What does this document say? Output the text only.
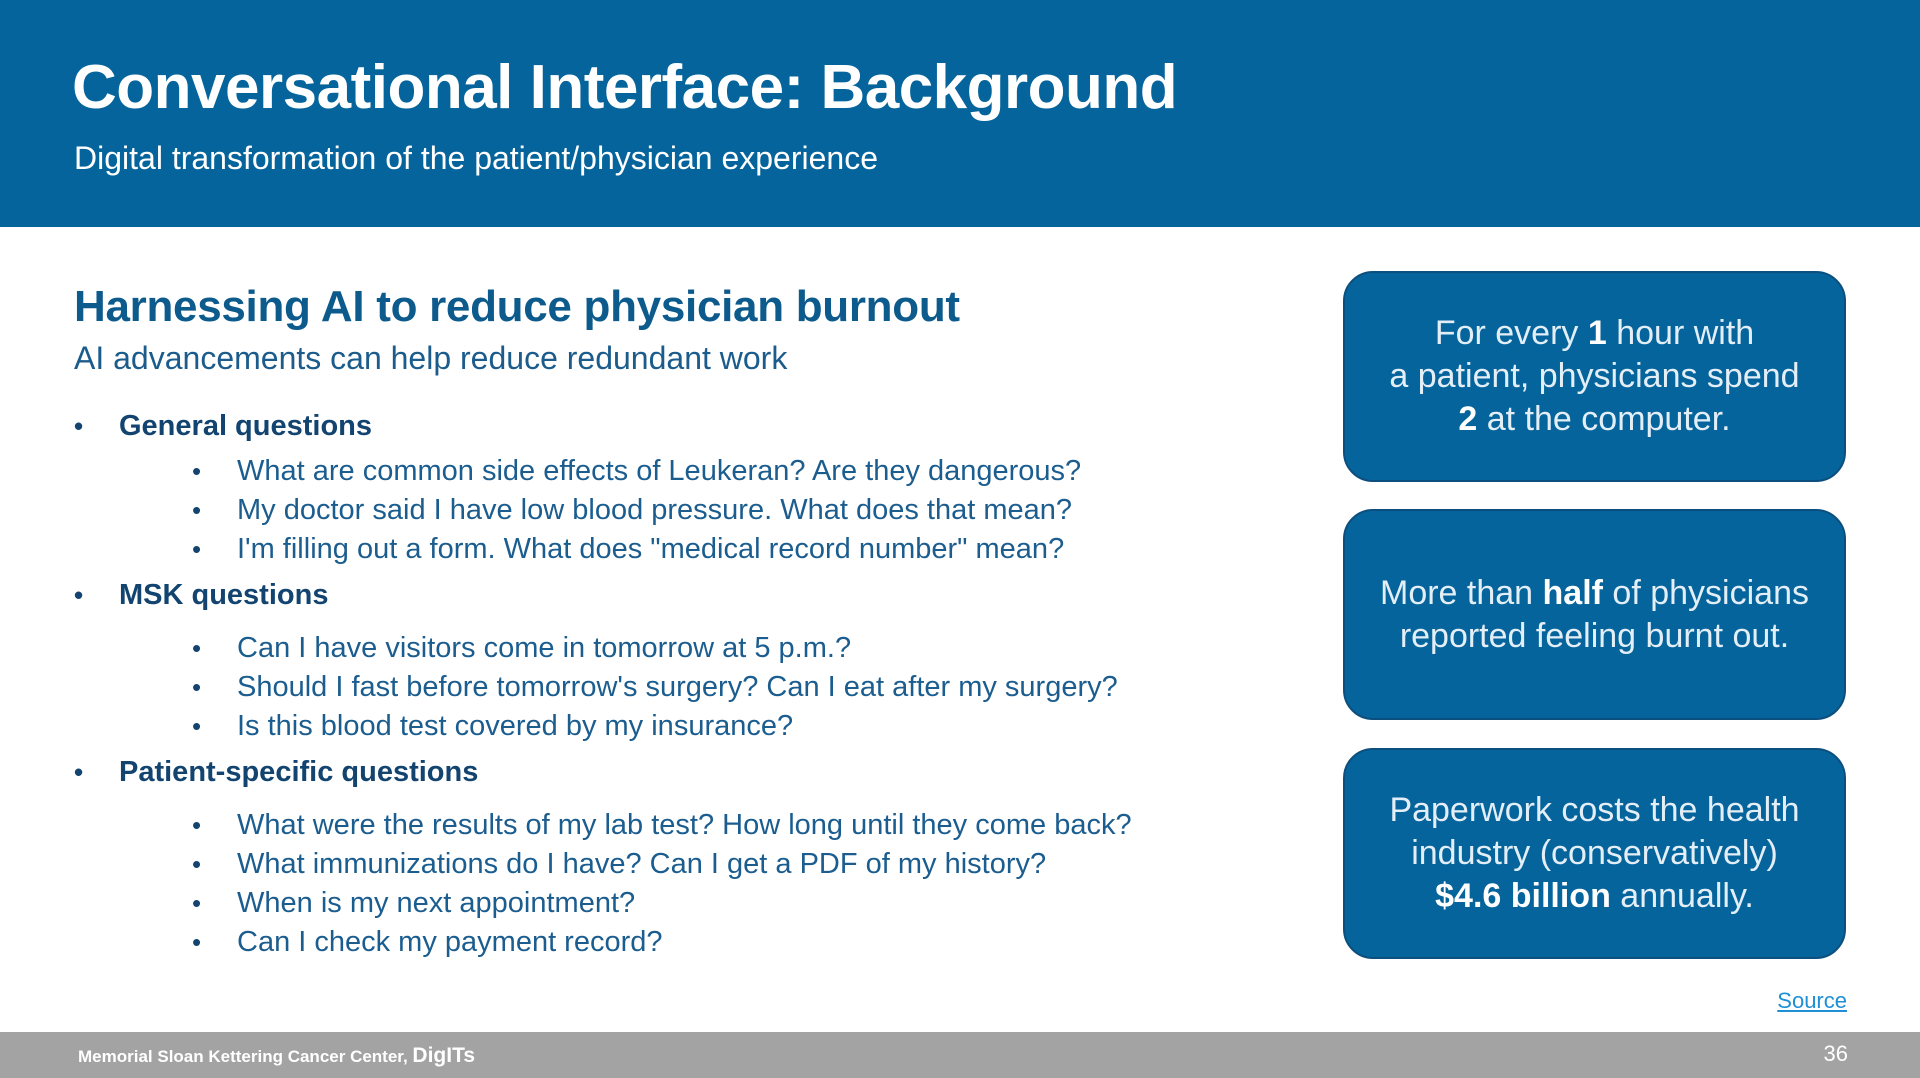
Conversational Interface: Background
Digital transformation of the patient/physician experience
Harnessing AI to reduce physician burnout
AI advancements can help reduce redundant work
• General questions
• What are common side effects of Leukeran? Are they dangerous?
• My doctor said I have low blood pressure. What does that mean?
• I'm filling out a form. What does "medical record number" mean?
• MSK questions
• Can I have visitors come in tomorrow at 5 p.m.?
• Should I fast before tomorrow's surgery? Can I eat after my surgery?
• Is this blood test covered by my insurance?
• Patient-specific questions
• What were the results of my lab test? How long until they come back?
• What immunizations do I have? Can I get a PDF of my history?
• When is my next appointment?
• Can I check my payment record?
For every 1 hour with
a patient, physicians spend
2 at the computer.
More than half of physicians
reported feeling burnt out.
Paperwork costs the health
industry (conservatively)
$4.6 billion annually.
Source
Memorial Sloan Kettering Cancer Center, DigITs	36
